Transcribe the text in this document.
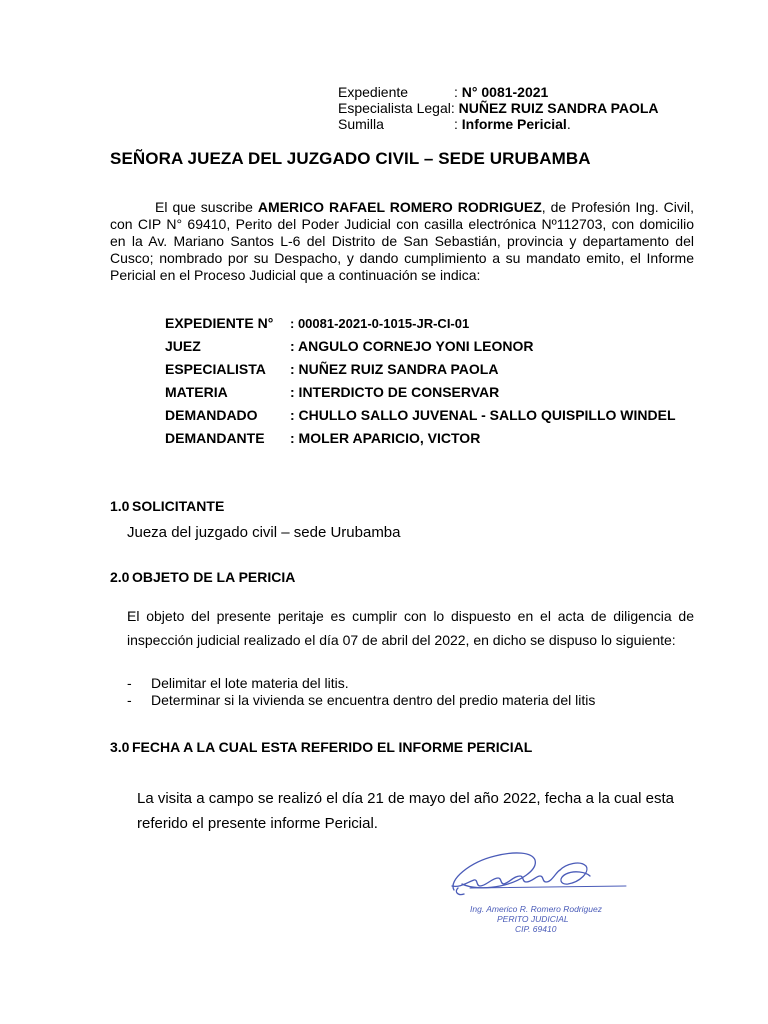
Expediente	:
N° 0081-2021
Especialista Legal:
NUÑEZ RUIZ SANDRA PAOLA
Sumilla	:
Informe Pericial .
SEÑORA JUEZA DEL JUZGADO CIVIL – SEDE URUBAMBA
El que suscribe AMERICO RAFAEL ROMERO RODRIGUEZ, de Profesión Ing. Civil, con CIP N° 69410, Perito del Poder Judicial con casilla electrónica Nº112703, con domicilio en la Av. Mariano Santos L-6 del Distrito de San Sebastián, provincia y departamento del Cusco; nombrado por su Despacho, y dando cumplimiento a su mandato emito, el Informe Pericial en el Proceso Judicial que a continuación se indica:
EXPEDIENTE N°	: 00081-2021-0-1015-JR-CI-01
JUEZ	: ANGULO CORNEJO YONI LEONOR
ESPECIALISTA	: NUÑEZ RUIZ SANDRA PAOLA
MATERIA	: INTERDICTO DE CONSERVAR
DEMANDADO	: CHULLO SALLO JUVENAL - SALLO QUISPILLO WINDEL
DEMANDANTE	: MOLER APARICIO, VICTOR
1.0 SOLICITANTE
Jueza del juzgado civil – sede Urubamba
2.0 OBJETO DE LA PERICIA
El objeto del presente peritaje es cumplir con lo dispuesto en el acta de diligencia de
inspección judicial realizado el día 07 de abril del 2022, en dicho se dispuso lo siguiente:
-	Delimitar el lote materia del litis.
-	Determinar si la vivienda se encuentra dentro del predio materia del litis
3.0 FECHA A LA CUAL ESTA REFERIDO EL INFORME PERICIAL
La visita a campo se realizó el día 21 de mayo del año 2022, fecha a la cual esta referido el presente informe Pericial.
Ing. Americo R. Romero Rodriguez
PERITO JUDICIAL
CIP. 69410
